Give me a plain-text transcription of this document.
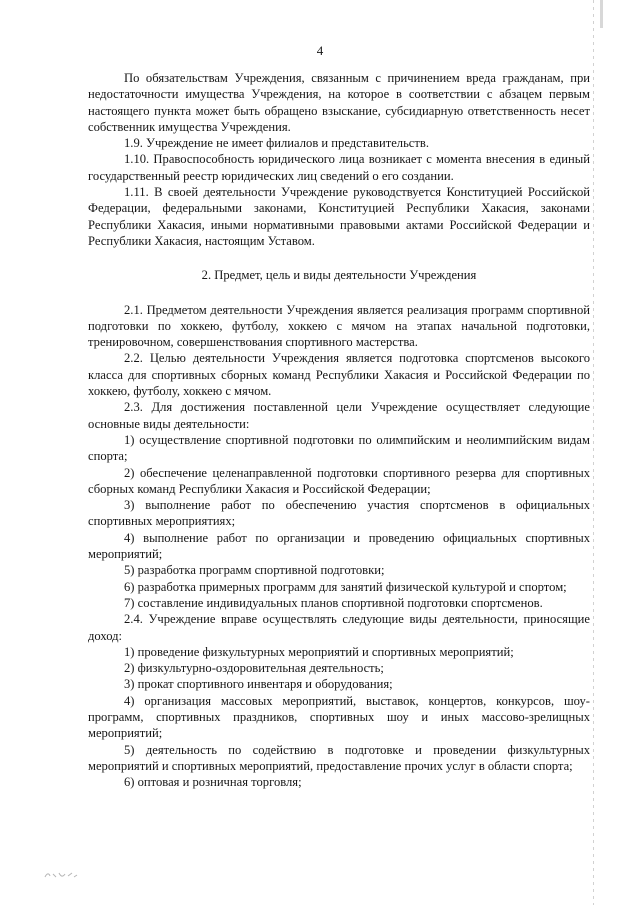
4

По обязательствам Учреждения, связанным с причинением вреда гражданам, при недостаточности имущества Учреждения, на которое в соответствии с абзацем первым настоящего пункта может быть обращено взыскание, субсидиарную ответственность несет собственник имущества Учреждения.

1.9. Учреждение не имеет филиалов и представительств.

1.10. Правоспособность юридического лица возникает с момента внесения в единый государственный реестр юридических лиц сведений о его создании.

1.11. В своей деятельности Учреждение руководствуется Конституцией Российской Федерации, федеральными законами, Конституцией Республики Хакасия, законами Республики Хакасия, иными нормативными правовыми актами Российской Федерации и Республики Хакасия, настоящим Уставом.

2. Предмет, цель и виды деятельности Учреждения

2.1. Предметом деятельности Учреждения является реализация программ спортивной подготовки по хоккею, футболу, хоккею с мячом на этапах начальной подготовки, тренировочном, совершенствования спортивного мастерства.

2.2. Целью деятельности Учреждения является подготовка спортсменов высокого класса для спортивных сборных команд Республики Хакасия и Российской Федерации по хоккею, футболу, хоккею с мячом.

2.3. Для достижения поставленной цели Учреждение осуществляет следующие основные виды деятельности:

1) осуществление спортивной подготовки по олимпийским и неолимпийским видам спорта;

2) обеспечение целенаправленной подготовки спортивного резерва для спортивных сборных команд Республики Хакасия и Российской Федерации;

3) выполнение работ по обеспечению участия спортсменов в официальных спортивных мероприятиях;

4) выполнение работ по организации и проведению официальных спортивных мероприятий;

5) разработка программ спортивной подготовки;

6) разработка примерных программ для занятий физической культурой и спортом;

7) составление индивидуальных планов спортивной подготовки спортсменов.

2.4. Учреждение вправе осуществлять следующие виды деятельности, приносящие доход:

1) проведение физкультурных мероприятий и спортивных мероприятий;

2) физкультурно-оздоровительная деятельность;

3) прокат спортивного инвентаря и оборудования;

4) организация массовых мероприятий, выставок, концертов, конкурсов, шоу-программ, спортивных праздников, спортивных шоу и иных массово-зрелищных мероприятий;

5) деятельность по содействию в подготовке и проведении физкультурных мероприятий и спортивных мероприятий, предоставление прочих услуг в области спорта;

6) оптовая и розничная торговля;
